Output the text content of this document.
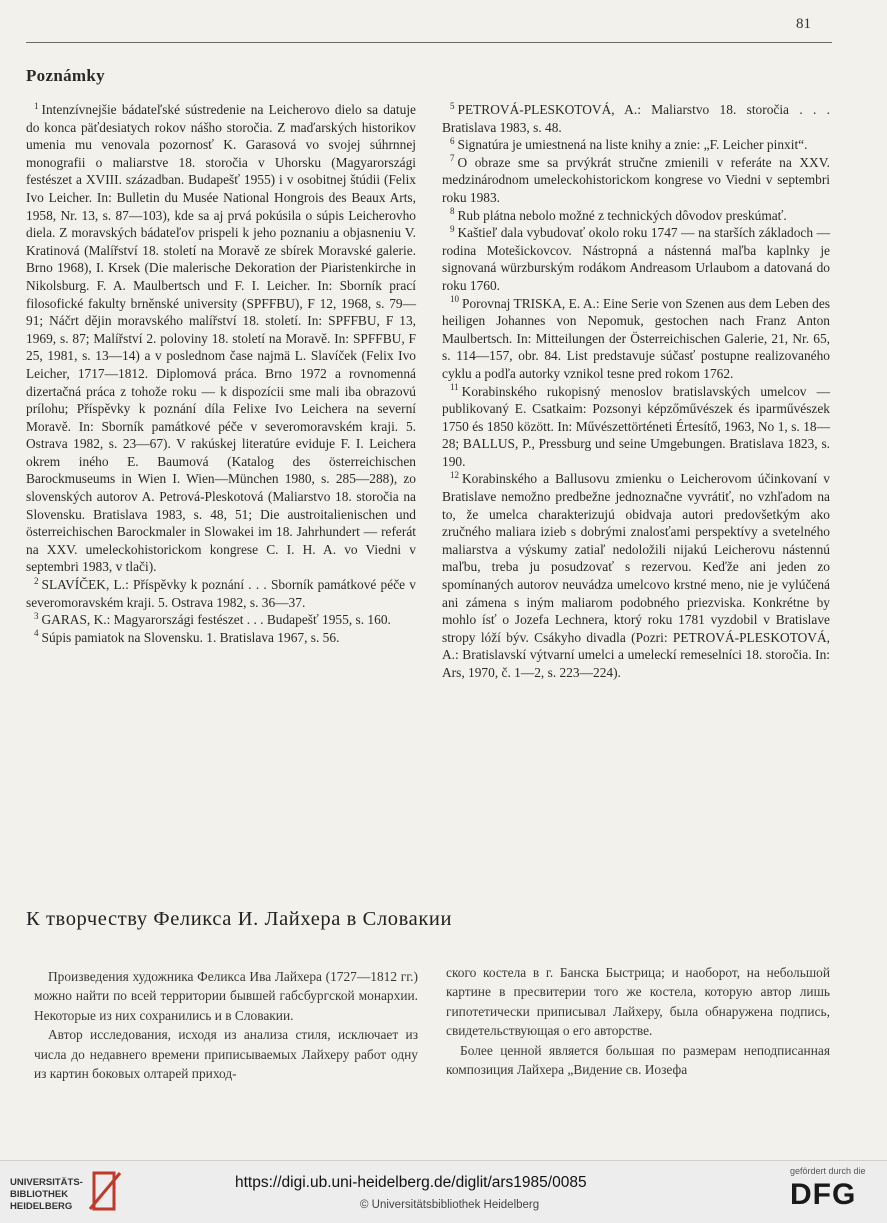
81
Poznámky

$^1$ Intenzívnejšie bádateľské sústredenie na Leicherovo dielo sa datuje do konca päťdesiatych rokov nášho storočia. Z maďarských historikov umenia mu venovala pozornosť K. Garasová vo svojej súhrnnej monografii o maliarstve 18. storočia v Uhorsku (Magyarországi festészet a XVIII. században. Budapešť 1955) i v osobitnej štúdii (Felix Ivo Leicher. In: Bulletin du Musée National Hongrois des Beaux Arts, 1958, Nr. 13, s. 87—103), kde sa aj prvá pokúsila o súpis Leicherovho diela. Z moravských bádateľov prispeli k jeho poznaniu a objasneniu V. Kratinová (Malířství 18. století na Moravě ze sbírek Moravské galerie. Brno 1968), I. Krsek (Die malerische Dekoration der Piaristenkirche in Nikolsburg. F. A. Maulbertsch und F. I. Leicher. In: Sborník prací filosofické fakulty brněnské university (SPFFBU), F 12, 1968, s. 79—91; Náčrt dějin moravského malířství 18. století. In: SPFFBU, F 13, 1969, s. 87; Malířství 2. poloviny 18. století na Moravě. In: SPFFBU, F 25, 1981, s. 13—14) a v poslednom čase najmä L. Slavíček (Felix Ivo Leicher, 1717—1812. Diplomová práca. Brno 1972 a rovnomenná dizertačná práca z tohože roku — k dispozícii sme mali iba obrazovú prílohu; Příspěvky k poznání díla Felixe Ivo Leichera na severní Moravě. In: Sborník památkové péče v severomoravském kraji. 5. Ostrava 1982, s. 23—67). V rakúskej literatúre eviduje F. I. Leichera okrem iného E. Baumová (Katalog des österreichischen Barockmuseums in Wien I. Wien—München 1980, s. 285—288), zo slovenských autorov A. Petrová-Pleskotová (Maliarstvo 18. storočia na Slovensku. Bratislava 1983, s. 48, 51; Die austroitalienischen und österreichischen Barockmaler in Slowakei im 18. Jahrhundert — referát na XXV. umeleckohistorickom kongrese C. I. H. A. vo Viedni v septembri 1983, v tlači).

$^2$ SLAVÍČEK, L.: Příspěvky k poznání . . . Sborník památkové péče v severomoravském kraji. 5. Ostrava 1982, s. 36—37.

$^3$ GARAS, K.: Magyarországi festészet . . . Budapešť 1955, s. 160.

$^4$ Súpis pamiatok na Slovensku. 1. Bratislava 1967, s. 56.

$^5$ PETROVÁ-PLESKOTOVÁ, A.: Maliarstvo 18. storočia . . . Bratislava 1983, s. 48.

$^6$ Signatúra je umiestnená na liste knihy a znie: „F. Leicher pinxit“.

$^7$ O obraze sme sa prvýkrát stručne zmienili v referáte na XXV. medzinárodnom umeleckohistorickom kongrese vo Viedni v septembri roku 1983.

$^8$ Rub plátna nebolo možné z technických dôvodov preskúmať.

$^9$ Kaštieľ dala vybudovať okolo roku 1747 — na starších základoch — rodina Motešickovcov. Nástropná a nástenná maľba kaplnky je signovaná würzburským rodákom Andreasom Urlaubom a datovaná do roku 1760.

$^{10}$ Porovnaj TRISKA, E. A.: Eine Serie von Szenen aus dem Leben des heiligen Johannes von Nepomuk, gestochen nach Franz Anton Maulbertsch. In: Mitteilungen der Österreichischen Galerie, 21, Nr. 65, s. 114—157, obr. 84. List predstavuje súčasť postupne realizovaného cyklu a podľa autorky vznikol tesne pred rokom 1762.

$^{11}$ Korabinského rukopisný menoslov bratislavských umelcov — publikovaný E. Csatkaim: Pozsonyi képzőművészek és iparművészek 1750 és 1850 között. In: Művészettörténeti Értesítő, 1963, No 1, s. 18—28; BALLUS, P., Pressburg und seine Umgebungen. Bratislava 1823, s. 190.

$^{12}$ Korabinského a Ballusovu zmienku o Leicherovom účinkovaní v Bratislave nemožno predbežne jednoznačne vyvrátiť, no vzhľadom na to, že umelca charakterizujú obidvaja autori predovšetkým ako zručného maliara izieb s dobrými znalosťami perspektívy a svetelného maliarstva a výskumy zatiaľ nedoložili nijakú Leicherovu nástennú maľbu, treba ju posudzovať s rezervou. Keďže ani jeden zo spomínaných autorov neuvádza umelcovo krstné meno, nie je vylúčená ani zámena s iným maliarom podobného priezviska. Konkrétne by mohlo ísť o Jozefa Lechnera, ktorý roku 1781 vyzdobil v Bratislave stropy lóží býv. Csákyho divadla (Pozri: PETROVÁ-PLESKOTOVÁ, A.: Bratislavskí výtvarní umelci a umeleckí remeselníci 18. storočia. In: Ars, 1970, č. 1—2, s. 223—224).

К творчеству Феликса И. Лайхера в Словакии

Произведения художника Феликса Ива Лайхера (1727—1812 гг.) можно найти по всей территории бывшей габсбургской монархии. Некоторые из них сохранились и в Словакии.

Автор исследования, исходя из анализа стиля, исключает из числа до недавнего времени приписываемых Лайхеру работ одну из картин боковых олтарей приход-

ского костела в г. Банска Быстрица; и наоборот, на небольшой картине в пресвитерии того же костела, которую автор лишь гипотетически приписывал Лайхеру, была обнаружена подпись, свидетельствующая о его авторстве.

Более ценной является большая по размерам неподписанная композиция Лайхера „Видение св. Иозефа

UNIVERSITÄTS- BIBLIOTHEK HEIDELBERG
https://digi.ub.uni-heidelberg.de/diglit/ars1985/0085
© Universitätsbibliothek Heidelberg
gefördert durch die
DFG
